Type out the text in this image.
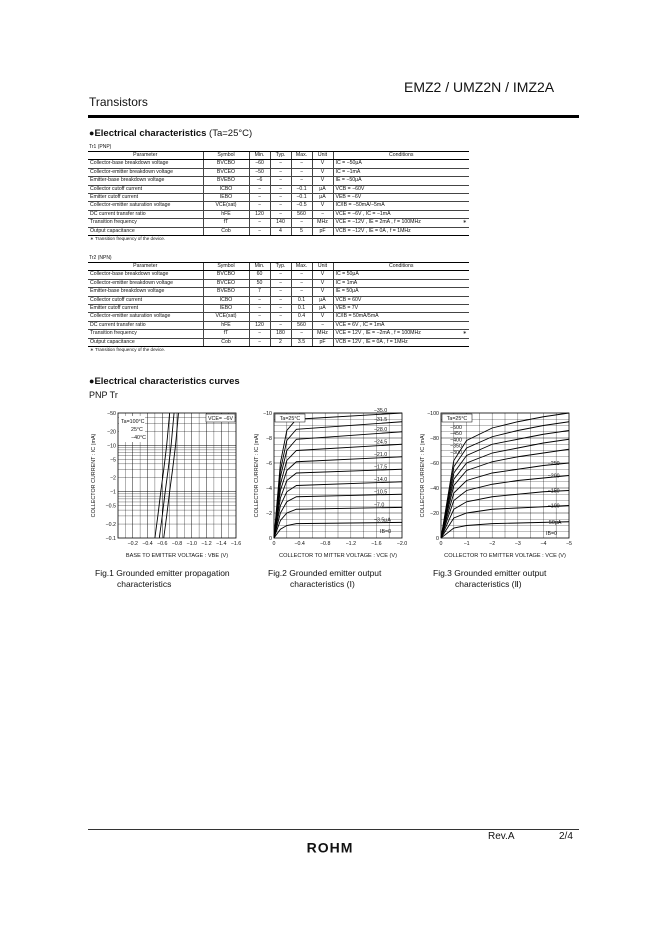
EMZ2 / UMZ2N / IMZ2A
Transistors
●Electrical characteristics (Ta=25°C)
Tr1 (PNP)
Parameter	Symbol	Min.	Typ.	Max.	Unit	Conditions	
Collector-base breakdown voltage	BVCBO	−60	−	−	V	IC = −50μA	
Collector-emitter breakdown voltage	BVCEO	−50	−	−	V	IC = −1mA	
Emitter-base breakdown voltage	BVEBO	−6	−	−	V	IE = −50μA	
Collector cutoff current	ICBO	−	−	−0.1	μA	VCB = −60V	
Emitter cutoff current	IEBO	−	−	−0.1	μA	VEB = −6V	
Collector-emitter saturation voltage	VCE(sat)	−	−	−0.5	V	IC/IB = −50mA/−5mA	
DC current transfer ratio	hFE	120	−	560	−	VCE = −6V , IC = −1mA	
Transition frequency	fT	−	140	−	MHz	VCE = −12V , IE = 2mA , f = 100MHz	∗
Output capacitance	Cob	−	4	5	pF	VCB = −12V , IE = 0A , f = 1MHz	
∗ Transition frequency of the device.
Tr2 (NPN)
Parameter	Symbol	Min.	Typ.	Max.	Unit	Conditions	
Collector-base breakdown voltage	BVCBO	60	−	−	V	IC = 50μA	
Collector-emitter breakdown voltage	BVCEO	50	−	−	V	IC = 1mA	
Emitter-base breakdown voltage	BVEBO	7	−	−	V	IE = 50μA	
Collector cutoff current	ICBO	−	−	0.1	μA	VCB = 60V	
Emitter cutoff current	IEBO	−	−	0.1	μA	VEB = 7V	
Collector-emitter saturation voltage	VCE(sat)	−	−	0.4	V	IC/IB = 50mA/5mA	
DC current transfer ratio	hFE	120	−	560	−	VCE = 6V , IC = 1mA	
Transition frequency	fT	−	180	−	MHz	VCE = 12V , IE = −2mA , f = 100MHz	∗
Output capacitance	Cob	−	2	3.5	pF	VCB = 12V , IE = 0A , f = 1MHz	
∗ Transition frequency of the device.
●Electrical characteristics curves
PNP Tr
−0.2 −0.4 −0.6 −0.8 −1.0 −1.2 −1.4 −1.6
−50
−20
−10
−5
−2
−1
−0.5
−0.2
−0.1
BASE TO EMITTER VOLTAGE : VBE (V)
COLLECTOR CURRENT : IC (mA)
VCE= −6V
Ta=100°C
25°C
−40°C
0	−0.4	−0.8	−1.2	−1.6	−2.0
−10
−8
−6
−4
−2
0
COLLECTOR TO MITTER VOLTAGE : VCE (V)
COLLECTOR CURRENT : IC (mA)
−35.0
−31.5
−28.0
−24.5
−21.0
−17.5
−14.0
−10.5
−7.0
−3.5μA
Ta=25°C
IB=0
0	−1	−2	−3	−4	−5
−100
−80
−60
−40
−20
0
COLLECTOR TO EMITTER VOLTAGE : VCE (V)
COLLECTOR CURRENT : IC (mA)
−500
−450
−400
−350
−300
−250
−200
−150
−100
−50μA
Ta=25°C
IB=0
Fig.1 Grounded emitter propagation
characteristics
Fig.2 Grounded emitter output
characteristics (Ⅰ)
Fig.3 Grounded emitter output
characteristics (Ⅱ)
Rev.A	2/4
ROHM
